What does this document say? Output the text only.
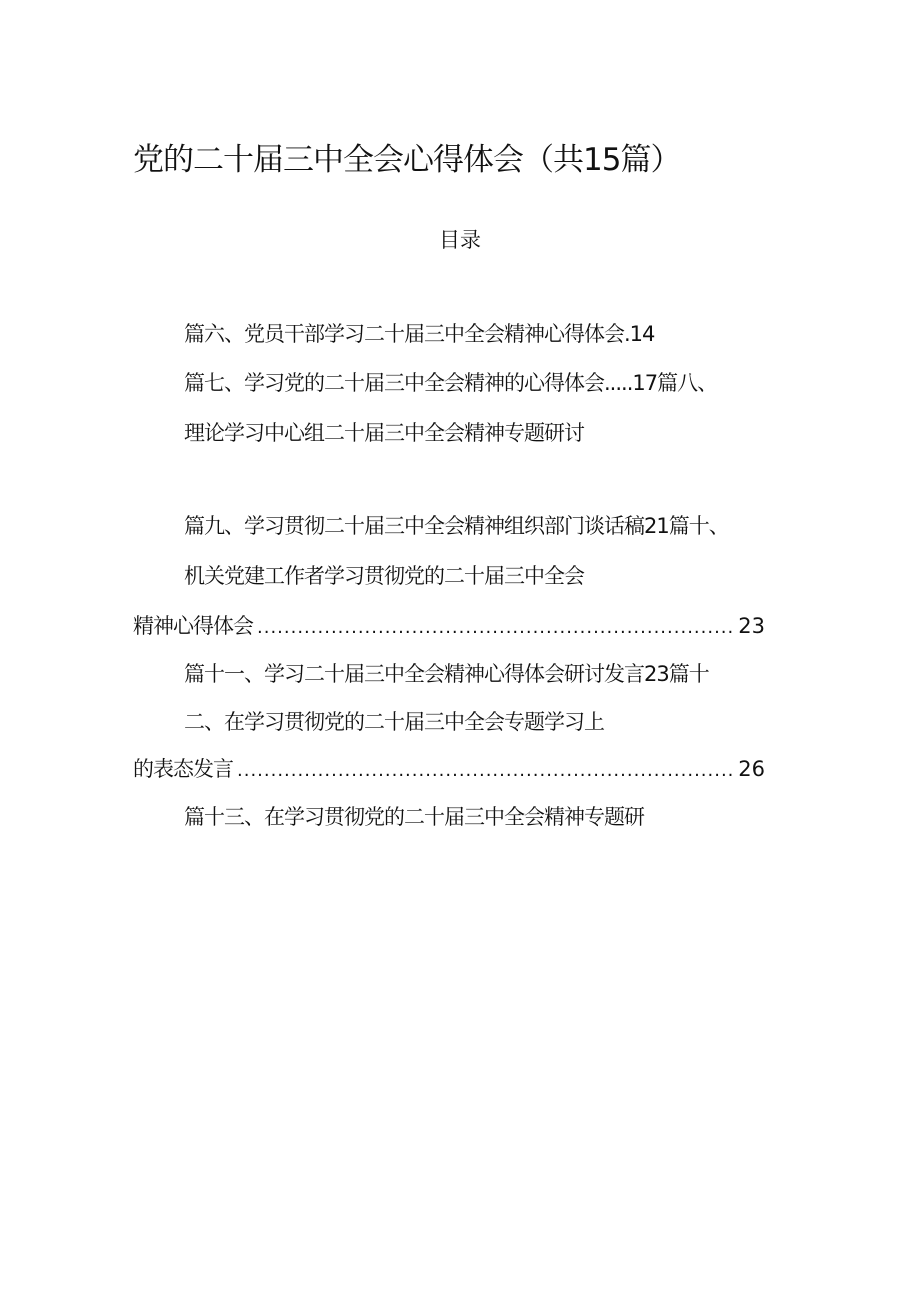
党的二十届三中全会心得体会（共15篇）
目录
篇六、党员干部学习二十届三中全会精神心得体会.14
篇七、学习党的二十届三中全会精神的心得体会.....17篇八、
理论学习中心组二十届三中全会精神专题研讨
篇九、学习贯彻二十届三中全会精神组织部门谈话稿21篇十、
机关党建工作者学习贯彻党的二十届三中全会
精神心得体会 .....	23
篇十一、学习二十届三中全会精神心得体会研讨发言23篇十
二、在学习贯彻党的二十届三中全会专题学习上
的表态发言 .....	26
篇十三、在学习贯彻党的二十届三中全会精神专题研
